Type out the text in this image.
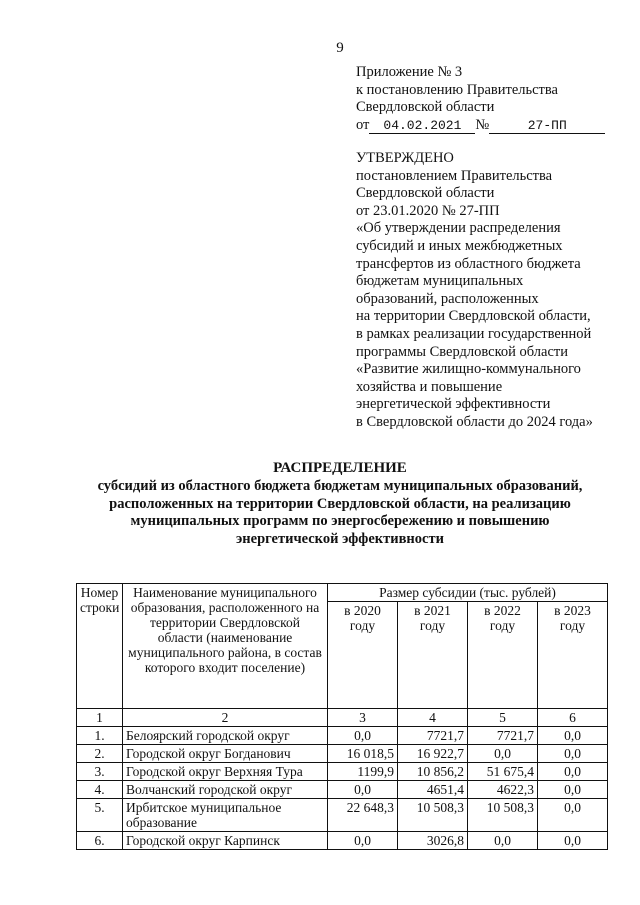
9
Приложение № 3
к постановлению Правительства
Свердловской области
от 04.02.2021 №	27-ПП
УТВЕРЖДЕНО
постановлением Правительства
Свердловской области
от 23.01.2020 № 27-ПП
«Об утверждении распределения
субсидий и иных межбюджетных
трансфертов из областного бюджета
бюджетам муниципальных
образований, расположенных
на территории Свердловской области,
в рамках реализации государственной
программы Свердловской области
«Развитие жилищно-коммунального
хозяйства и повышение
энергетической эффективности
в Свердловской области до 2024 года»
РАСПРЕДЕЛЕНИЕ
субсидий из областного бюджета бюджетам муниципальных образований,
расположенных на территории Свердловской области, на реализацию
муниципальных программ по энергосбережению и повышению
энергетической эффективности
Номер строки	Наименование муниципального образования, расположенного на территории Свердловской области (наименование муниципального района, в состав которого входит поселение)	Размер субсидии (тыс. рублей)			
		в 2020 году	в 2021 году	в 2022 году	в 2023 году
1	2	3	4	5	6
1.	Белоярский городской округ	0,0	7721,7	7721,7	0,0
2.	Городской округ Богданович	16 018,5	16 922,7	0,0	0,0
3.	Городской округ Верхняя Тура	1199,9	10 856,2	51 675,4	0,0
4.	Волчанский городской округ	0,0	4651,4	4622,3	0,0
5.	Ирбитское муниципальное образование	22 648,3	10 508,3	10 508,3	0,0
6.	Городской округ Карпинск	0,0	3026,8	0,0	0,0
